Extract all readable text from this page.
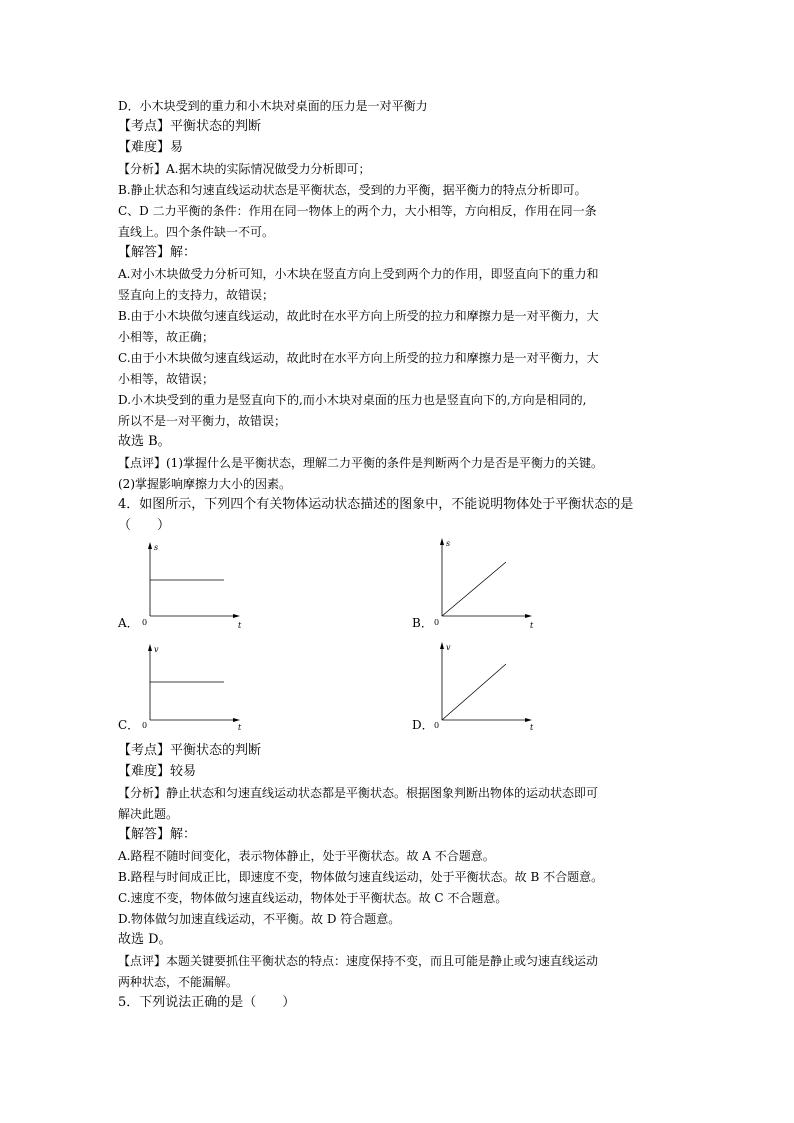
D．小木块受到的重力和小木块对桌面的压力是一对平衡力
【考点】平衡状态的判断
【难度】易
【分析】A.据木块的实际情况做受力分析即可；
B.静止状态和匀速直线运动状态是平衡状态，受到的力平衡，据平衡力的特点分析即可。
C、D 二力平衡的条件：作用在同一物体上的两个力，大小相等，方向相反，作用在同一条
直线上。四个条件缺一不可。
【解答】解：
A.对小木块做受力分析可知，小木块在竖直方向上受到两个力的作用，即竖直向下的重力和
竖直向上的支持力，故错误；
B.由于小木块做匀速直线运动，故此时在水平方向上所受的拉力和摩擦力是一对平衡力，大
小相等，故正确；
C.由于小木块做匀速直线运动，故此时在水平方向上所受的拉力和摩擦力是一对平衡力，大
小相等，故错误；
D.小木块受到的重力是竖直向下的,而小木块对桌面的压力也是竖直向下的,方向是相同的,
所以不是一对平衡力，故错误；
故选 B。
【点评】(1)掌握什么是平衡状态，理解二力平衡的条件是判断两个力是否是平衡力的关键。
(2)掌握影响摩擦力大小的因素。
4．如图所示，下列四个有关物体运动状态描述的图象中，不能说明物体处于平衡状态的是
（　　）
A．
s
t
0	B．
s
t
0
C．
v
t
0	D．
v
t
0
【考点】平衡状态的判断
【难度】较易
【分析】静止状态和匀速直线运动状态都是平衡状态。根据图象判断出物体的运动状态即可
解决此题。
【解答】解：
A.路程不随时间变化，表示物体静止，处于平衡状态。故 A 不合题意。
B.路程与时间成正比，即速度不变，物体做匀速直线运动，处于平衡状态。故 B 不合题意。
C.速度不变，物体做匀速直线运动，物体处于平衡状态。故 C 不合题意。
D.物体做匀加速直线运动，不平衡。故 D 符合题意。
故选 D。
【点评】本题关键要抓住平衡状态的特点：速度保持不变，而且可能是静止或匀速直线运动
两种状态，不能漏解。
5．下列说法正确的是（　　）
